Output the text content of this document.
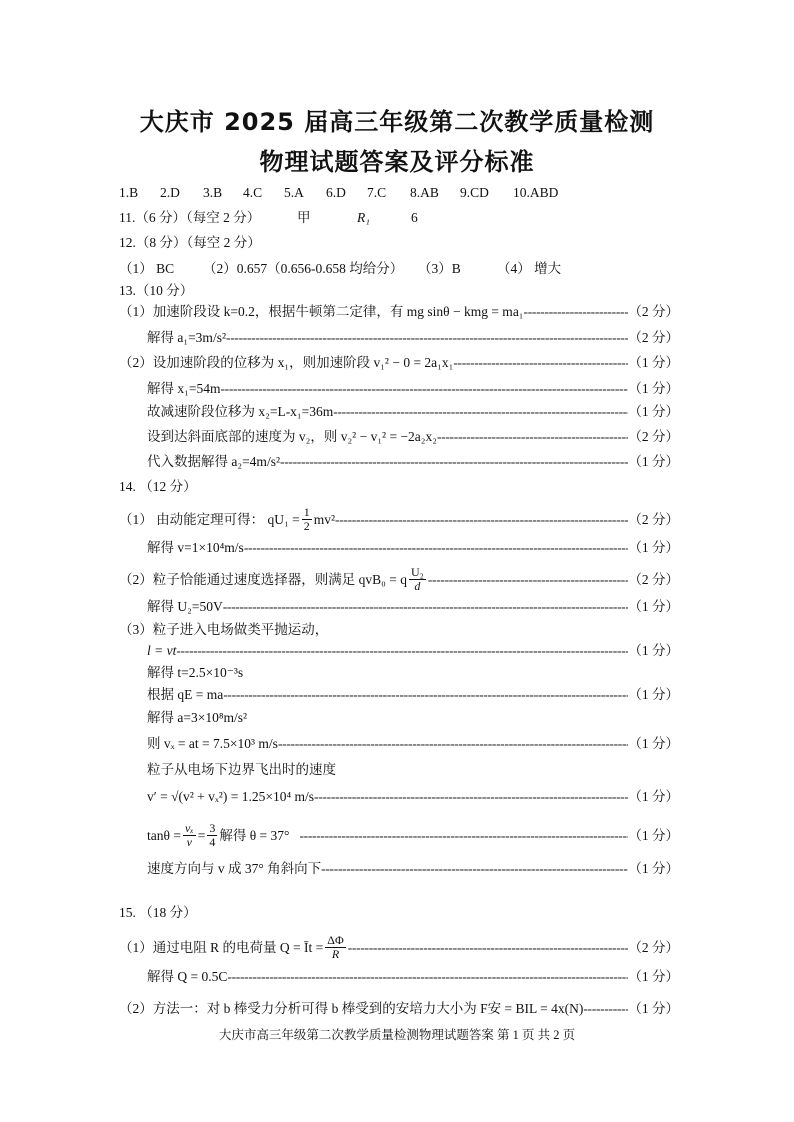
大庆市 2025 届高三年级第二次教学质量检测
物理试题答案及评分标准
1.B 2.D 3.B 4.C 5.A 6.D 7.C 8.AB 9.CD 10.ABD
11.（6 分）（每空 2 分）	甲	R₁	6
12.（8 分）（每空 2 分）
（1） BC （2）0.657（0.656-0.658 均给分） （3）B	（4） 增大
13.（10 分）
（1）加速阶段设 k=0.2，根据牛顿第二定律，有 mg sinθ − kmg = ma₁ -----	（2 分）
解得 a₁=3m/s² -----	（2 分）
（2）设加速阶段的位移为 x₁，则加速阶段 v₁² − 0 = 2a₁x₁ -----	（1 分）
解得 x₁=54m -----	（1 分）
故减速阶段位移为 x₂=L-x₁=36m -----	（1 分）
设到达斜面底部的速度为 v₂，则 v₂² − v₁² = −2a₂x₂ -----	（2 分）
代入数据解得 a₂=4m/s² -----	（1 分）
14. （12 分）
（1） 由动能定理可得： $qU_1 = \frac{1}{2} mv^2$ -----	（2 分）
解得 v=1×10⁴m/s -----	（1 分）
（2）粒子恰能通过速度选择器，则满足 qvB₀ = q $\frac{\text{U₂}}{d}$ -----	（2 分）
解得 U₂=50V -----	（1 分）
（3）粒子进入电场做类平抛运动，
l = vt -----	（1 分）
解得 t=2.5×10⁻³s
根据 qE = ma -----	（1 分）
解得 a=3×10⁸m/s²
则 vₓ = at = 7.5×10³ m/s -----	（1 分）
粒子从电场下边界飞出时的速度
v′ = √(v² + vₓ²) = 1.25×10⁴ m/s -----	（1 分）
$\tan\theta = \frac{\text{vₓ}}{v} = \frac{3}{4}$ 解得 θ = 37° -----	（1 分）
速度方向与 v 成 37° 角斜向下 -----	（1 分）
15. （18 分）
（1）通过电阻 R 的电荷量 Q = Īt = $\frac{\Delta\Phi}{R}$ -----	（2 分）
解得 Q = 0.5C -----	（1 分）
（2）方法一：对 b 棒受力分析可得 b 棒受到的安培力大小为 F安 = BIL = 4x(N) -----	（1 分）
大庆市高三年级第二次教学质量检测物理试题答案 第 1 页 共 2 页
